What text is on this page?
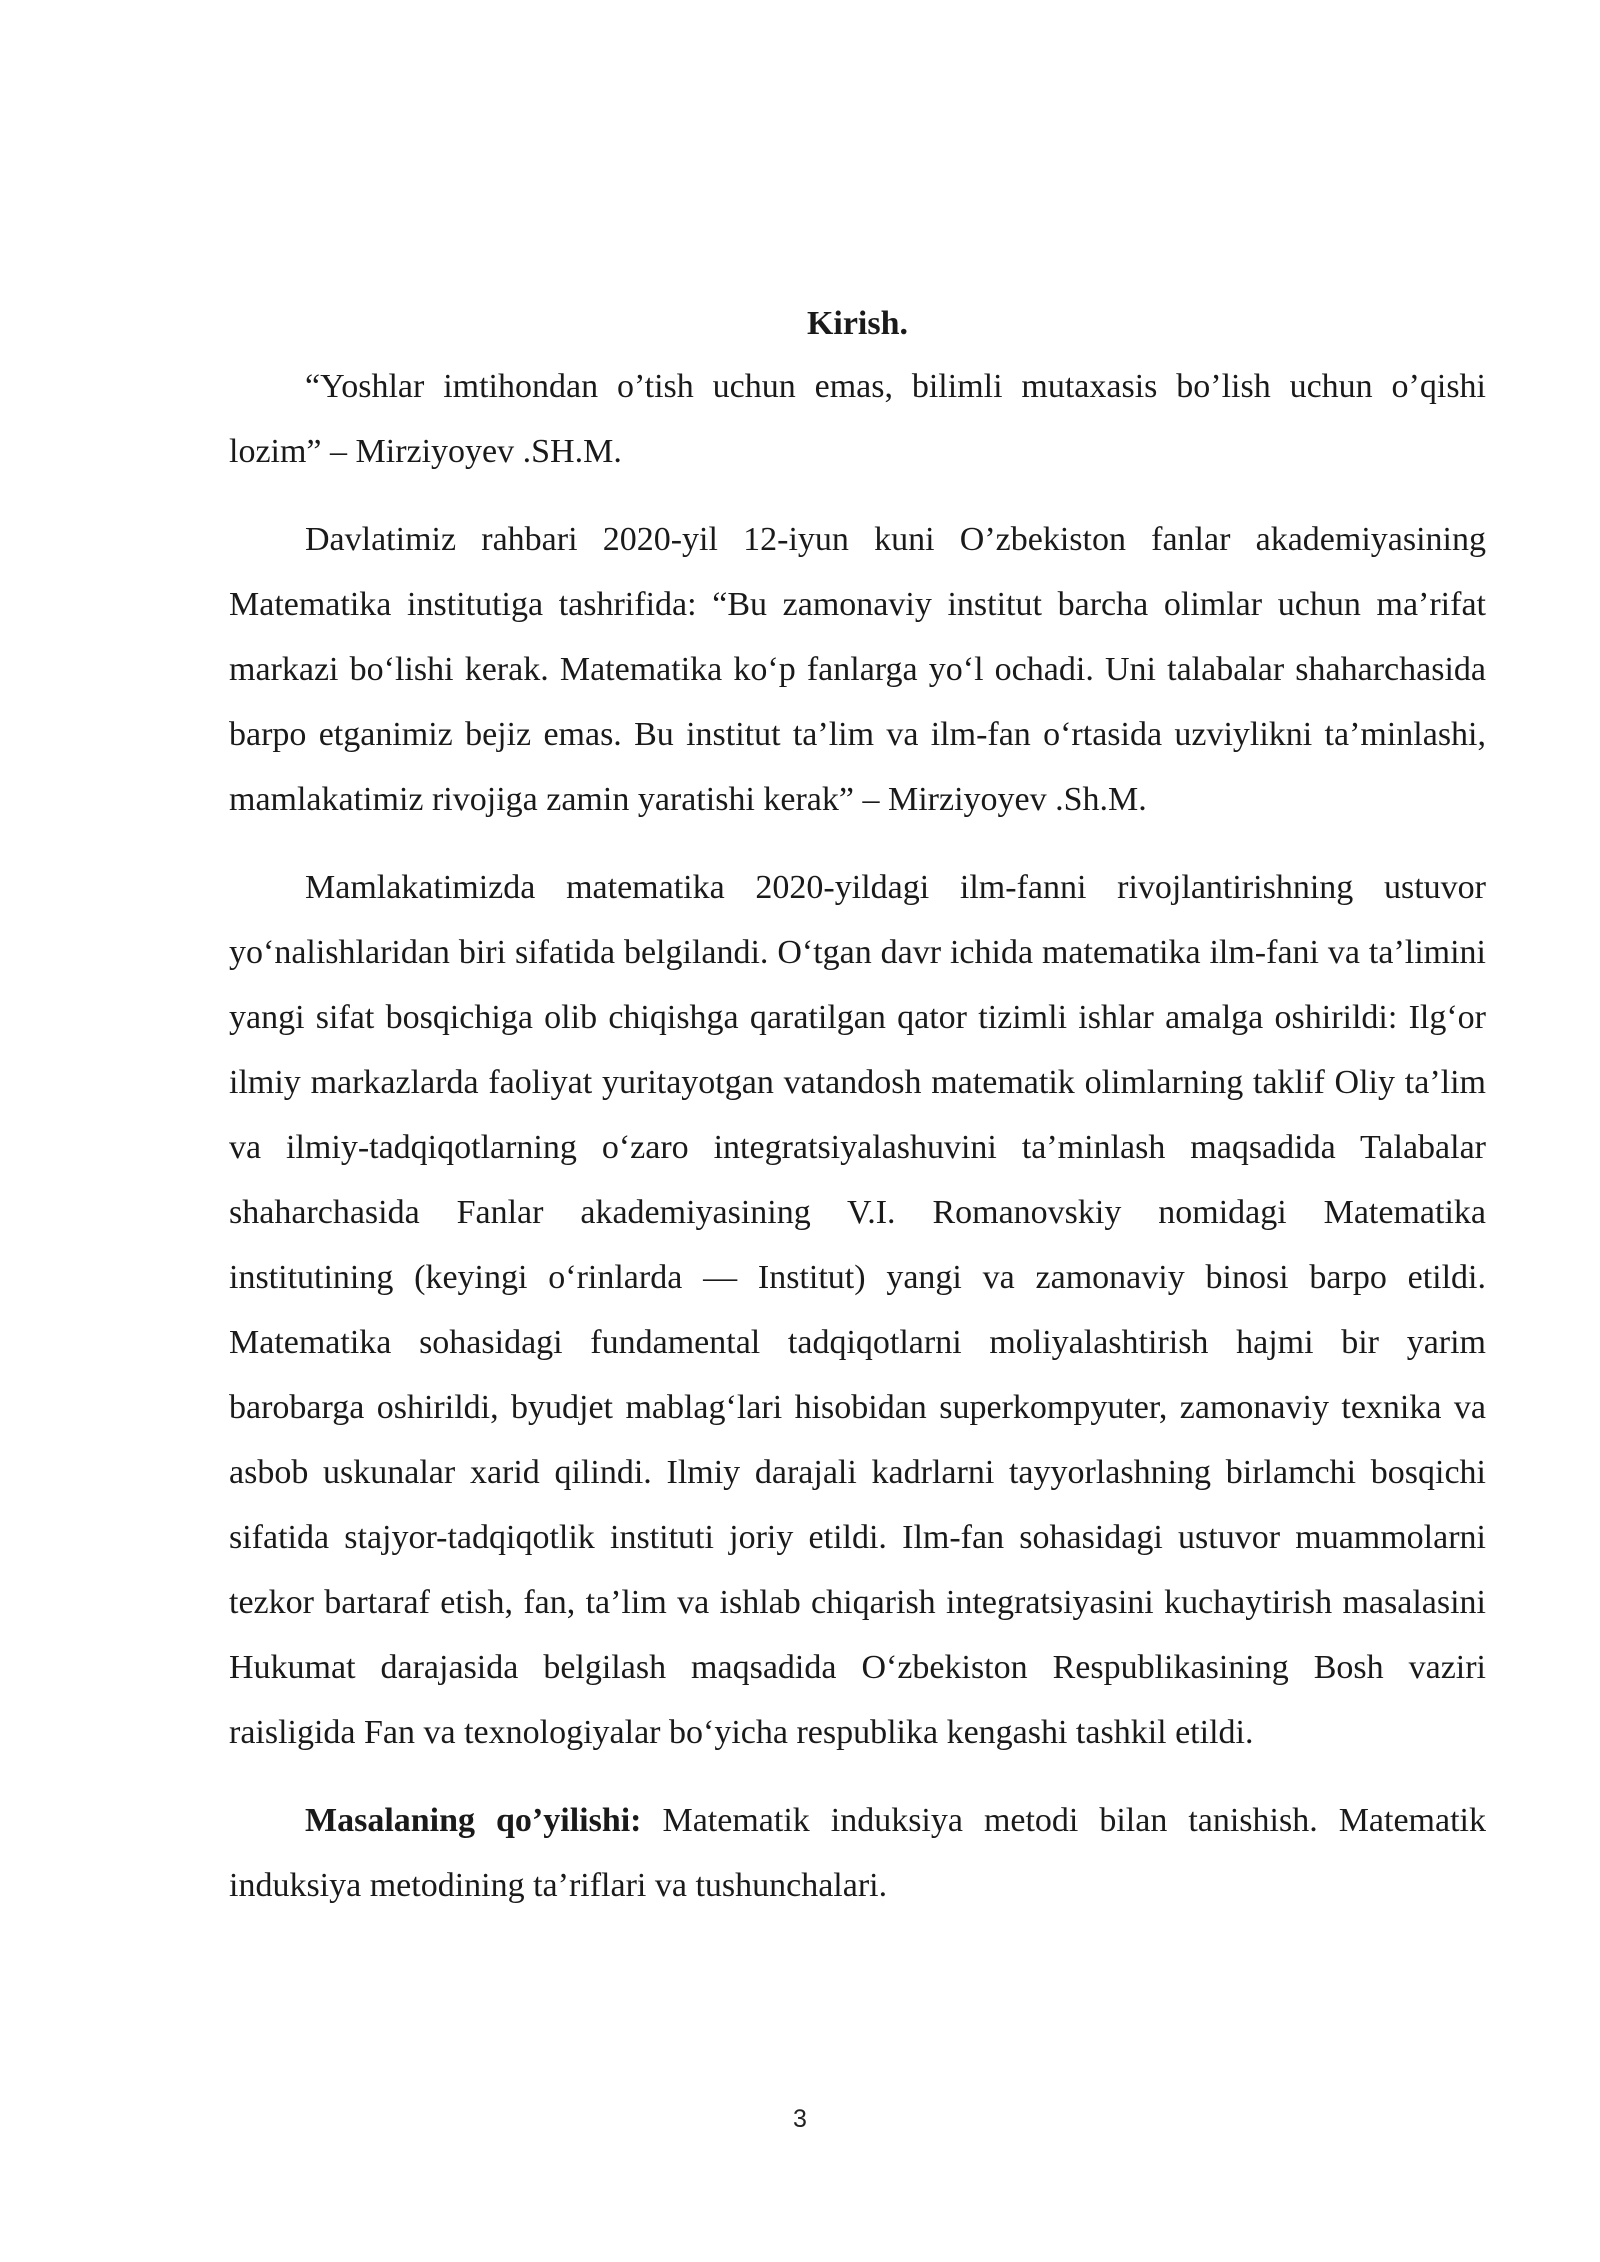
Kirish.

“Yoshlar imtihondan o’tish uchun emas, bilimli mutaxasis bo’lish uchun o’qishi lozim” – Mirziyoyev .SH.M.

Davlatimiz rahbari 2020-yil 12-iyun kuni O’zbekiston fanlar akademiyasining Matematika institutiga tashrifida: “Bu zamonaviy institut barcha olimlar uchun ma’rifat markazi bo‘lishi kerak. Matematika ko‘p fanlarga yo‘l ochadi. Uni talabalar shaharchasida barpo etganimiz bejiz emas. Bu institut ta’lim va ilm-fan o‘rtasida uzviylikni ta’minlashi, mamlakatimiz rivojiga zamin yaratishi kerak” – Mirziyoyev .Sh.M.

Mamlakatimizda matematika 2020-yildagi ilm-fanni rivojlantirishning ustuvor yo‘nalishlaridan biri sifatida belgilandi. O‘tgan davr ichida matematika ilm-fani va ta’limini yangi sifat bosqichiga olib chiqishga qaratilgan qator tizimli ishlar amalga oshirildi: Ilg‘or ilmiy markazlarda faoliyat yuritayotgan vatandosh matematik olimlarning taklif Oliy ta’lim va ilmiy-tadqiqotlarning o‘zaro integratsiyalashuvini ta’minlash maqsadida Talabalar shaharchasida Fanlar akademiyasining V.I. Romanovskiy nomidagi Matematika institutining (keyingi o‘rinlarda — Institut) yangi va zamonaviy binosi barpo etildi. Matematika sohasidagi fundamental tadqiqotlarni moliyalashtirish hajmi bir yarim barobarga oshirildi, byudjet mablag‘lari hisobidan superkompyuter, zamonaviy texnika va asbob uskunalar xarid qilindi. Ilmiy darajali kadrlarni tayyorlashning birlamchi bosqichi sifatida stajyor-tadqiqotlik instituti joriy etildi. Ilm-fan sohasidagi ustuvor muammolarni tezkor bartaraf etish, fan, ta’lim va ishlab chiqarish integratsiyasini kuchaytirish masalasini Hukumat darajasida belgilash maqsadida O‘zbekiston Respublikasining Bosh vaziri raisligida Fan va texnologiyalar bo‘yicha respublika kengashi tashkil etildi.

Masalaning qo’yilishi: Matematik induksiya metodi bilan tanishish. Matematik induksiya metodining ta’riflari va tushunchalari.

3
